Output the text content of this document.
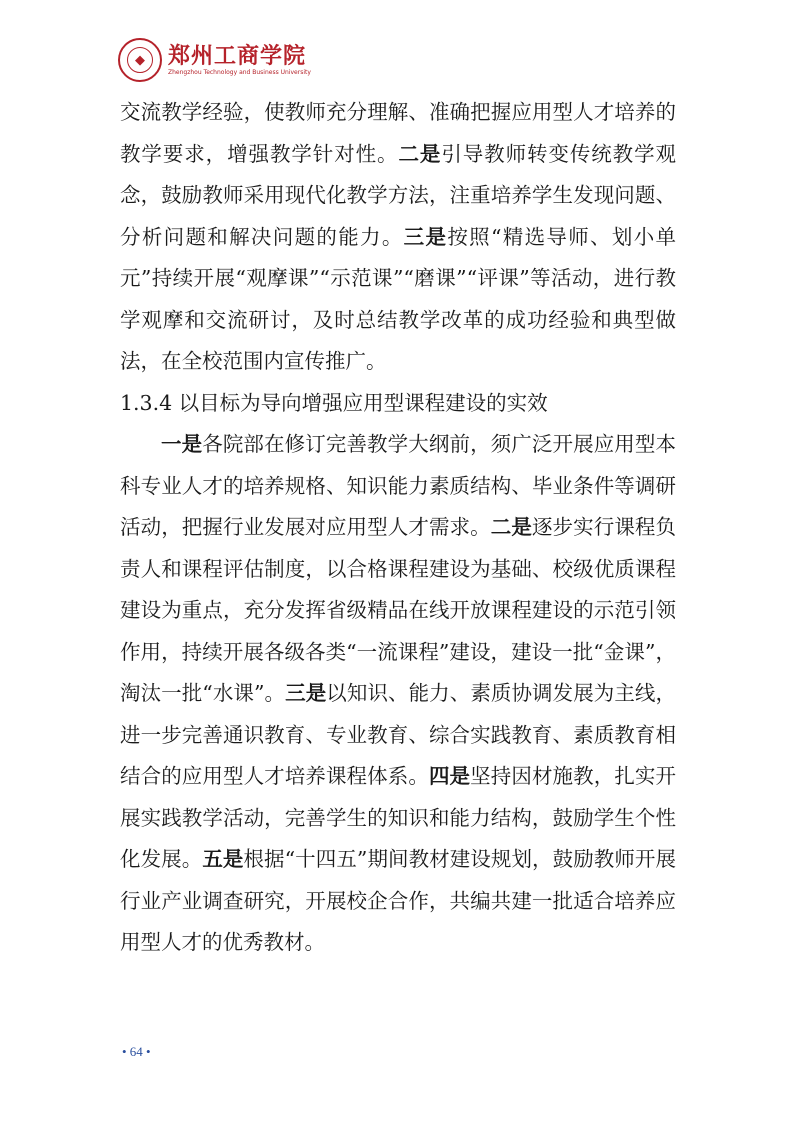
◆	郑州工商学院
Zhengzhou Technology and Business University

交流教学经验，使教师充分理解、准确把握应用型人才培养的教学要求，增强教学针对性。二是引导教师转变传统教学观念，鼓励教师采用现代化教学方法，注重培养学生发现问题、分析问题和解决问题的能力。三是按照“精选导师、划小单元”持续开展“观摩课”“示范课”“磨课”“评课”等活动，进行教学观摩和交流研讨，及时总结教学改革的成功经验和典型做法，在全校范围内宣传推广。

1.3.4 以目标为导向增强应用型课程建设的实效

一是各院部在修订完善教学大纲前，须广泛开展应用型本科专业人才的培养规格、知识能力素质结构、毕业条件等调研活动，把握行业发展对应用型人才需求。二是逐步实行课程负责人和课程评估制度，以合格课程建设为基础、校级优质课程建设为重点，充分发挥省级精品在线开放课程建设的示范引领作用，持续开展各级各类“一流课程”建设，建设一批“金课”，淘汰一批“水课”。三是以知识、能力、素质协调发展为主线，进一步完善通识教育、专业教育、综合实践教育、素质教育相结合的应用型人才培养课程体系。四是坚持因材施教，扎实开展实践教学活动，完善学生的知识和能力结构，鼓励学生个性化发展。五是根据“十四五”期间教材建设规划，鼓励教师开展行业产业调查研究，开展校企合作，共编共建一批适合培养应用型人才的优秀教材。

• 64 •
